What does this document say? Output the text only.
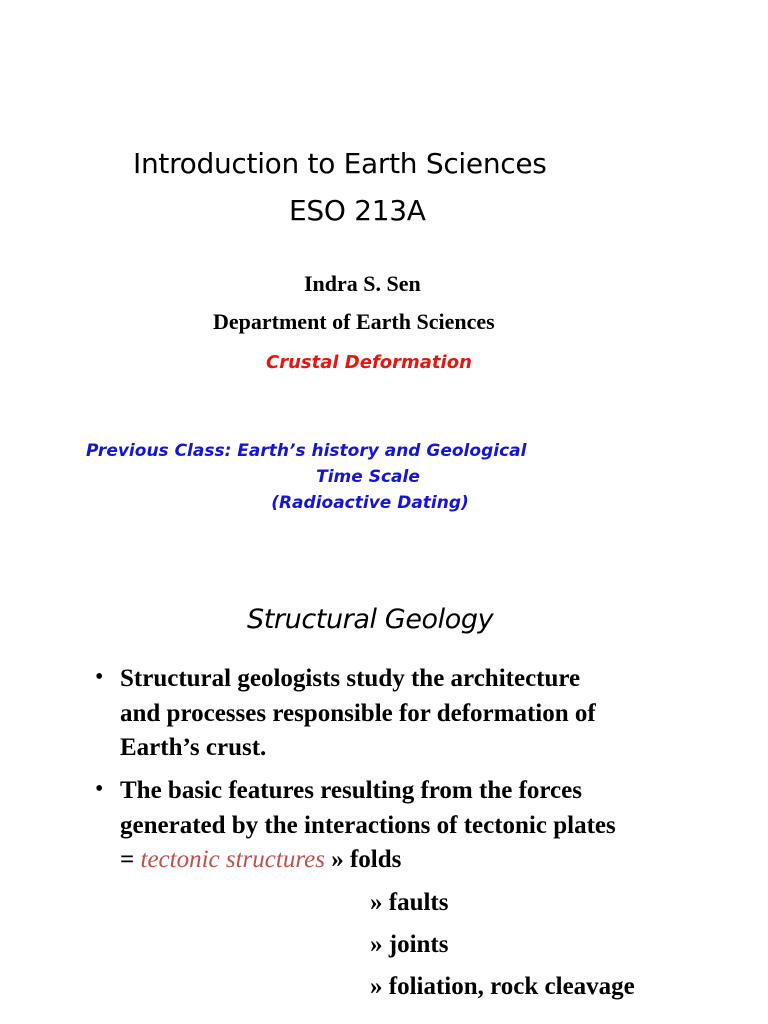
Introduction to Earth Sciences
ESO 213A
Indra S. Sen
Department of Earth Sciences
Crustal Deformation
Previous Class: Earth’s history and Geological
Time Scale
(Radioactive Dating)
Structural Geology
• Structural geologists study the architecture
and processes responsible for deformation of
Earth’s crust.
• The basic features resulting from the forces
generated by the interactions of tectonic plates
= tectonic structures » folds
» faults
» joints
» foliation, rock cleavage
